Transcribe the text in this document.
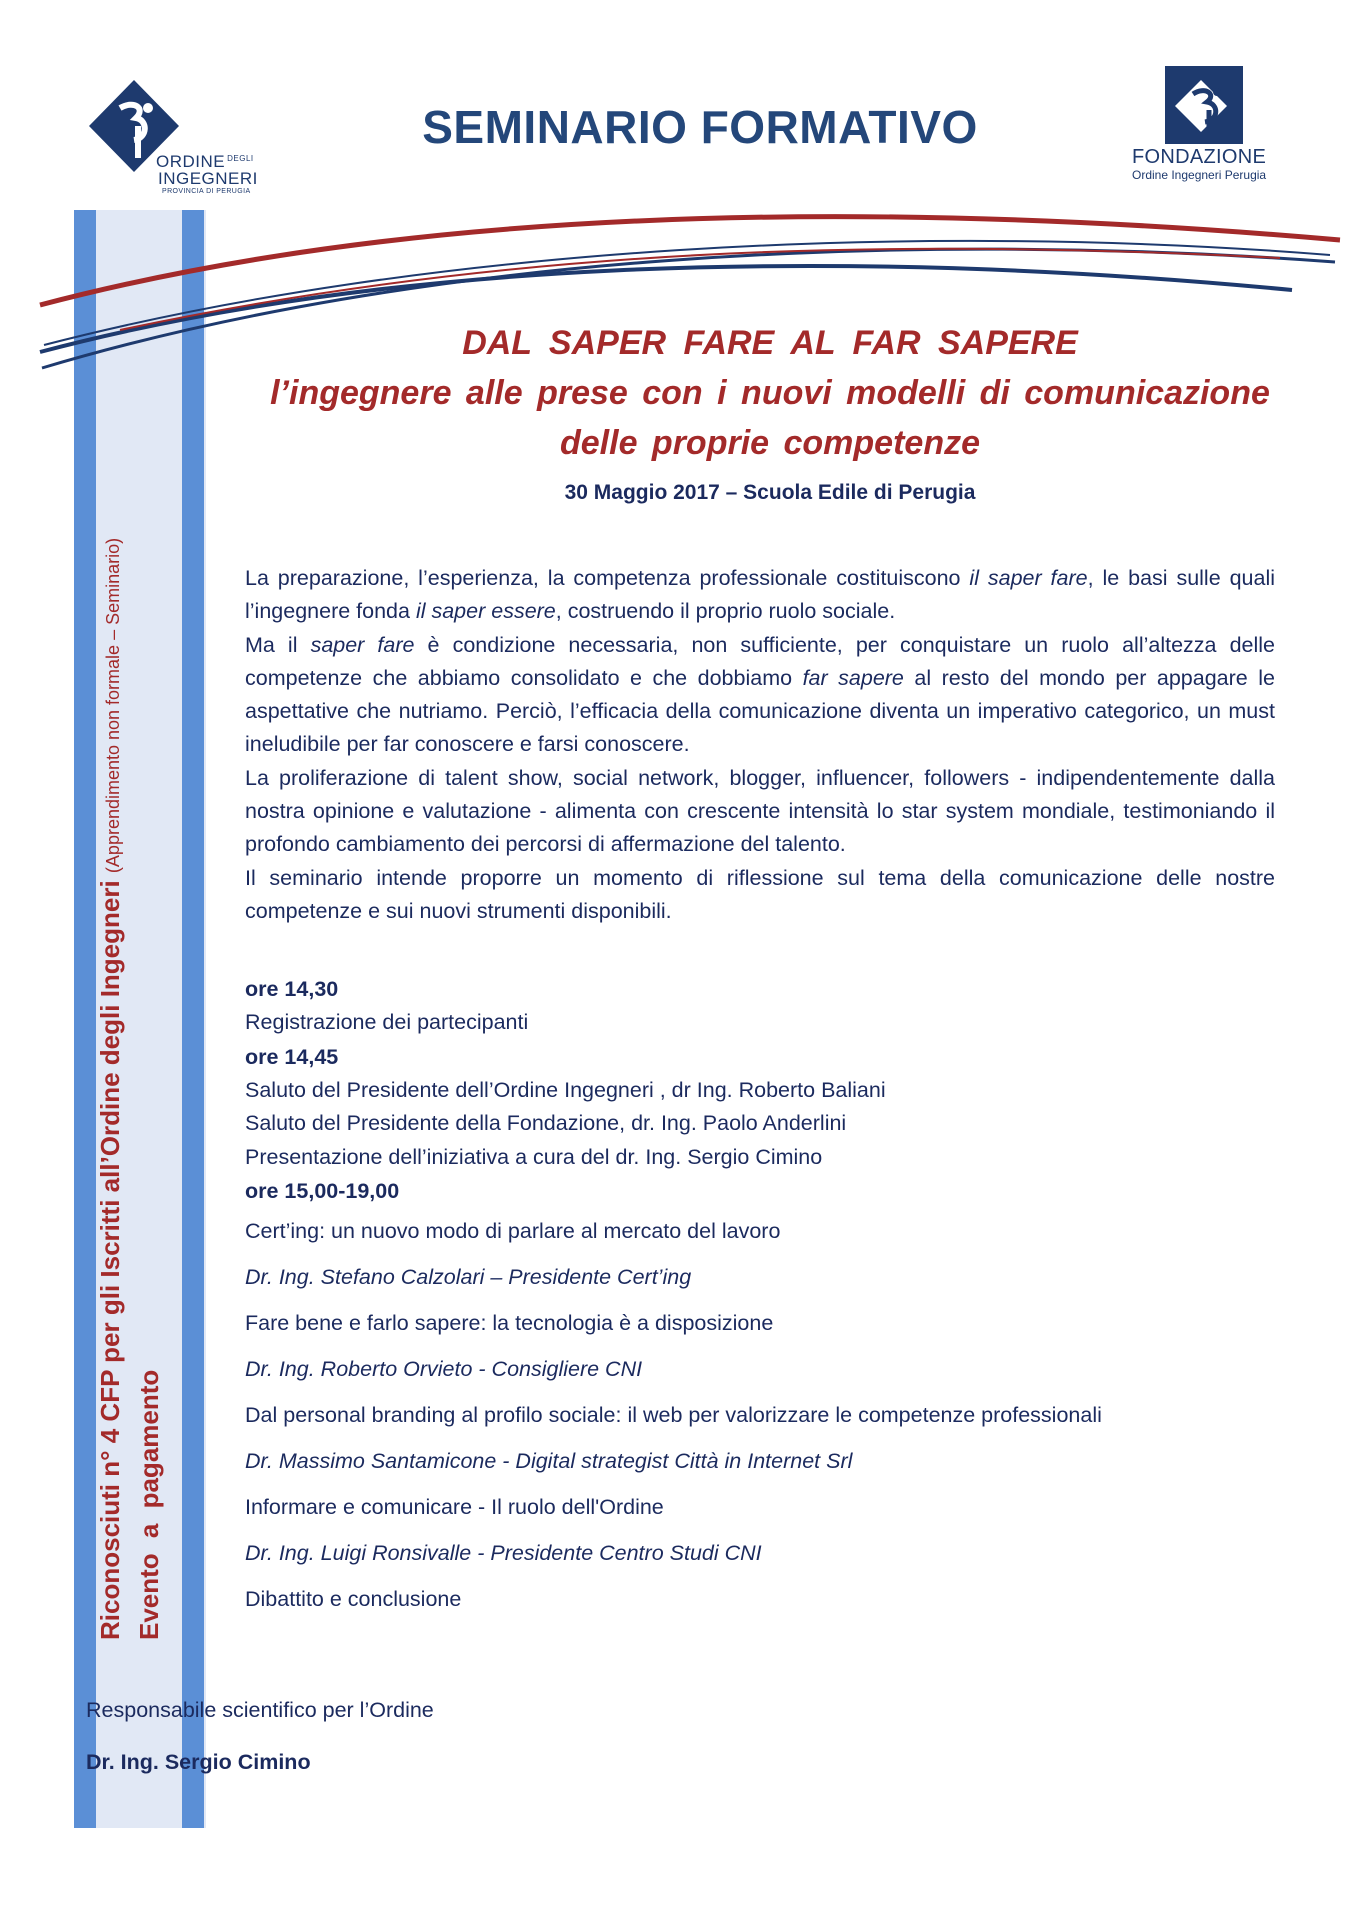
ORDINE $^{DEGLI}$
INGEGNERI
PROVINCIA DI PERUGIA
SEMINARIO FORMATIVO
FONDAZIONE
Ordine Ingegneri Perugia
Riconosciuti n° 4 CFP per gli Iscritti all’Ordine degli Ingegneri (Apprendimento non formale – Seminario)
Evento a pagamento
DAL SAPER FARE AL FAR SAPERE
l’ingegnere alle prese con i nuovi modelli di comunicazione
delle proprie competenze
30 Maggio 2017 – Scuola Edile di Perugia

La preparazione, l’esperienza, la competenza professionale costituiscono il saper fare, le basi sulle quali l’ingegnere fonda il saper essere, costruendo il proprio ruolo sociale.

Ma il saper fare è condizione necessaria, non sufficiente, per conquistare un ruolo all’altezza delle competenze che abbiamo consolidato e che dobbiamo far sapere al resto del mondo per appagare le aspettative che nutriamo. Perciò, l’efficacia della comunicazione diventa un imperativo categorico, un must ineludibile per far conoscere e farsi conoscere.

La proliferazione di talent show, social network, blogger, influencer, followers - indipendentemente dalla nostra opinione e valutazione - alimenta con crescente intensità lo star system mondiale, testimoniando il profondo cambiamento dei percorsi di affermazione del talento.

Il seminario intende proporre un momento di riflessione sul tema della comunicazione delle nostre competenze e sui nuovi strumenti disponibili.

ore 14,30
Registrazione dei partecipanti
ore 14,45
Saluto del Presidente dell’Ordine Ingegneri , dr Ing. Roberto Baliani
Saluto del Presidente della Fondazione, dr. Ing. Paolo Anderlini
Presentazione dell’iniziativa a cura del dr. Ing. Sergio Cimino
ore 15,00-19,00
Cert’ing: un nuovo modo di parlare al mercato del lavoro
Dr. Ing. Stefano Calzolari – Presidente Cert’ing
Fare bene e farlo sapere: la tecnologia è a disposizione
Dr. Ing. Roberto Orvieto - Consigliere CNI
Dal personal branding al profilo sociale: il web per valorizzare le competenze professionali
Dr. Massimo Santamicone - Digital strategist Città in Internet Srl
Informare e comunicare - Il ruolo dell'Ordine
Dr. Ing. Luigi Ronsivalle - Presidente Centro Studi CNI
Dibattito e conclusione
Responsabile scientifico per l’Ordine
Dr. Ing. Sergio Cimino
